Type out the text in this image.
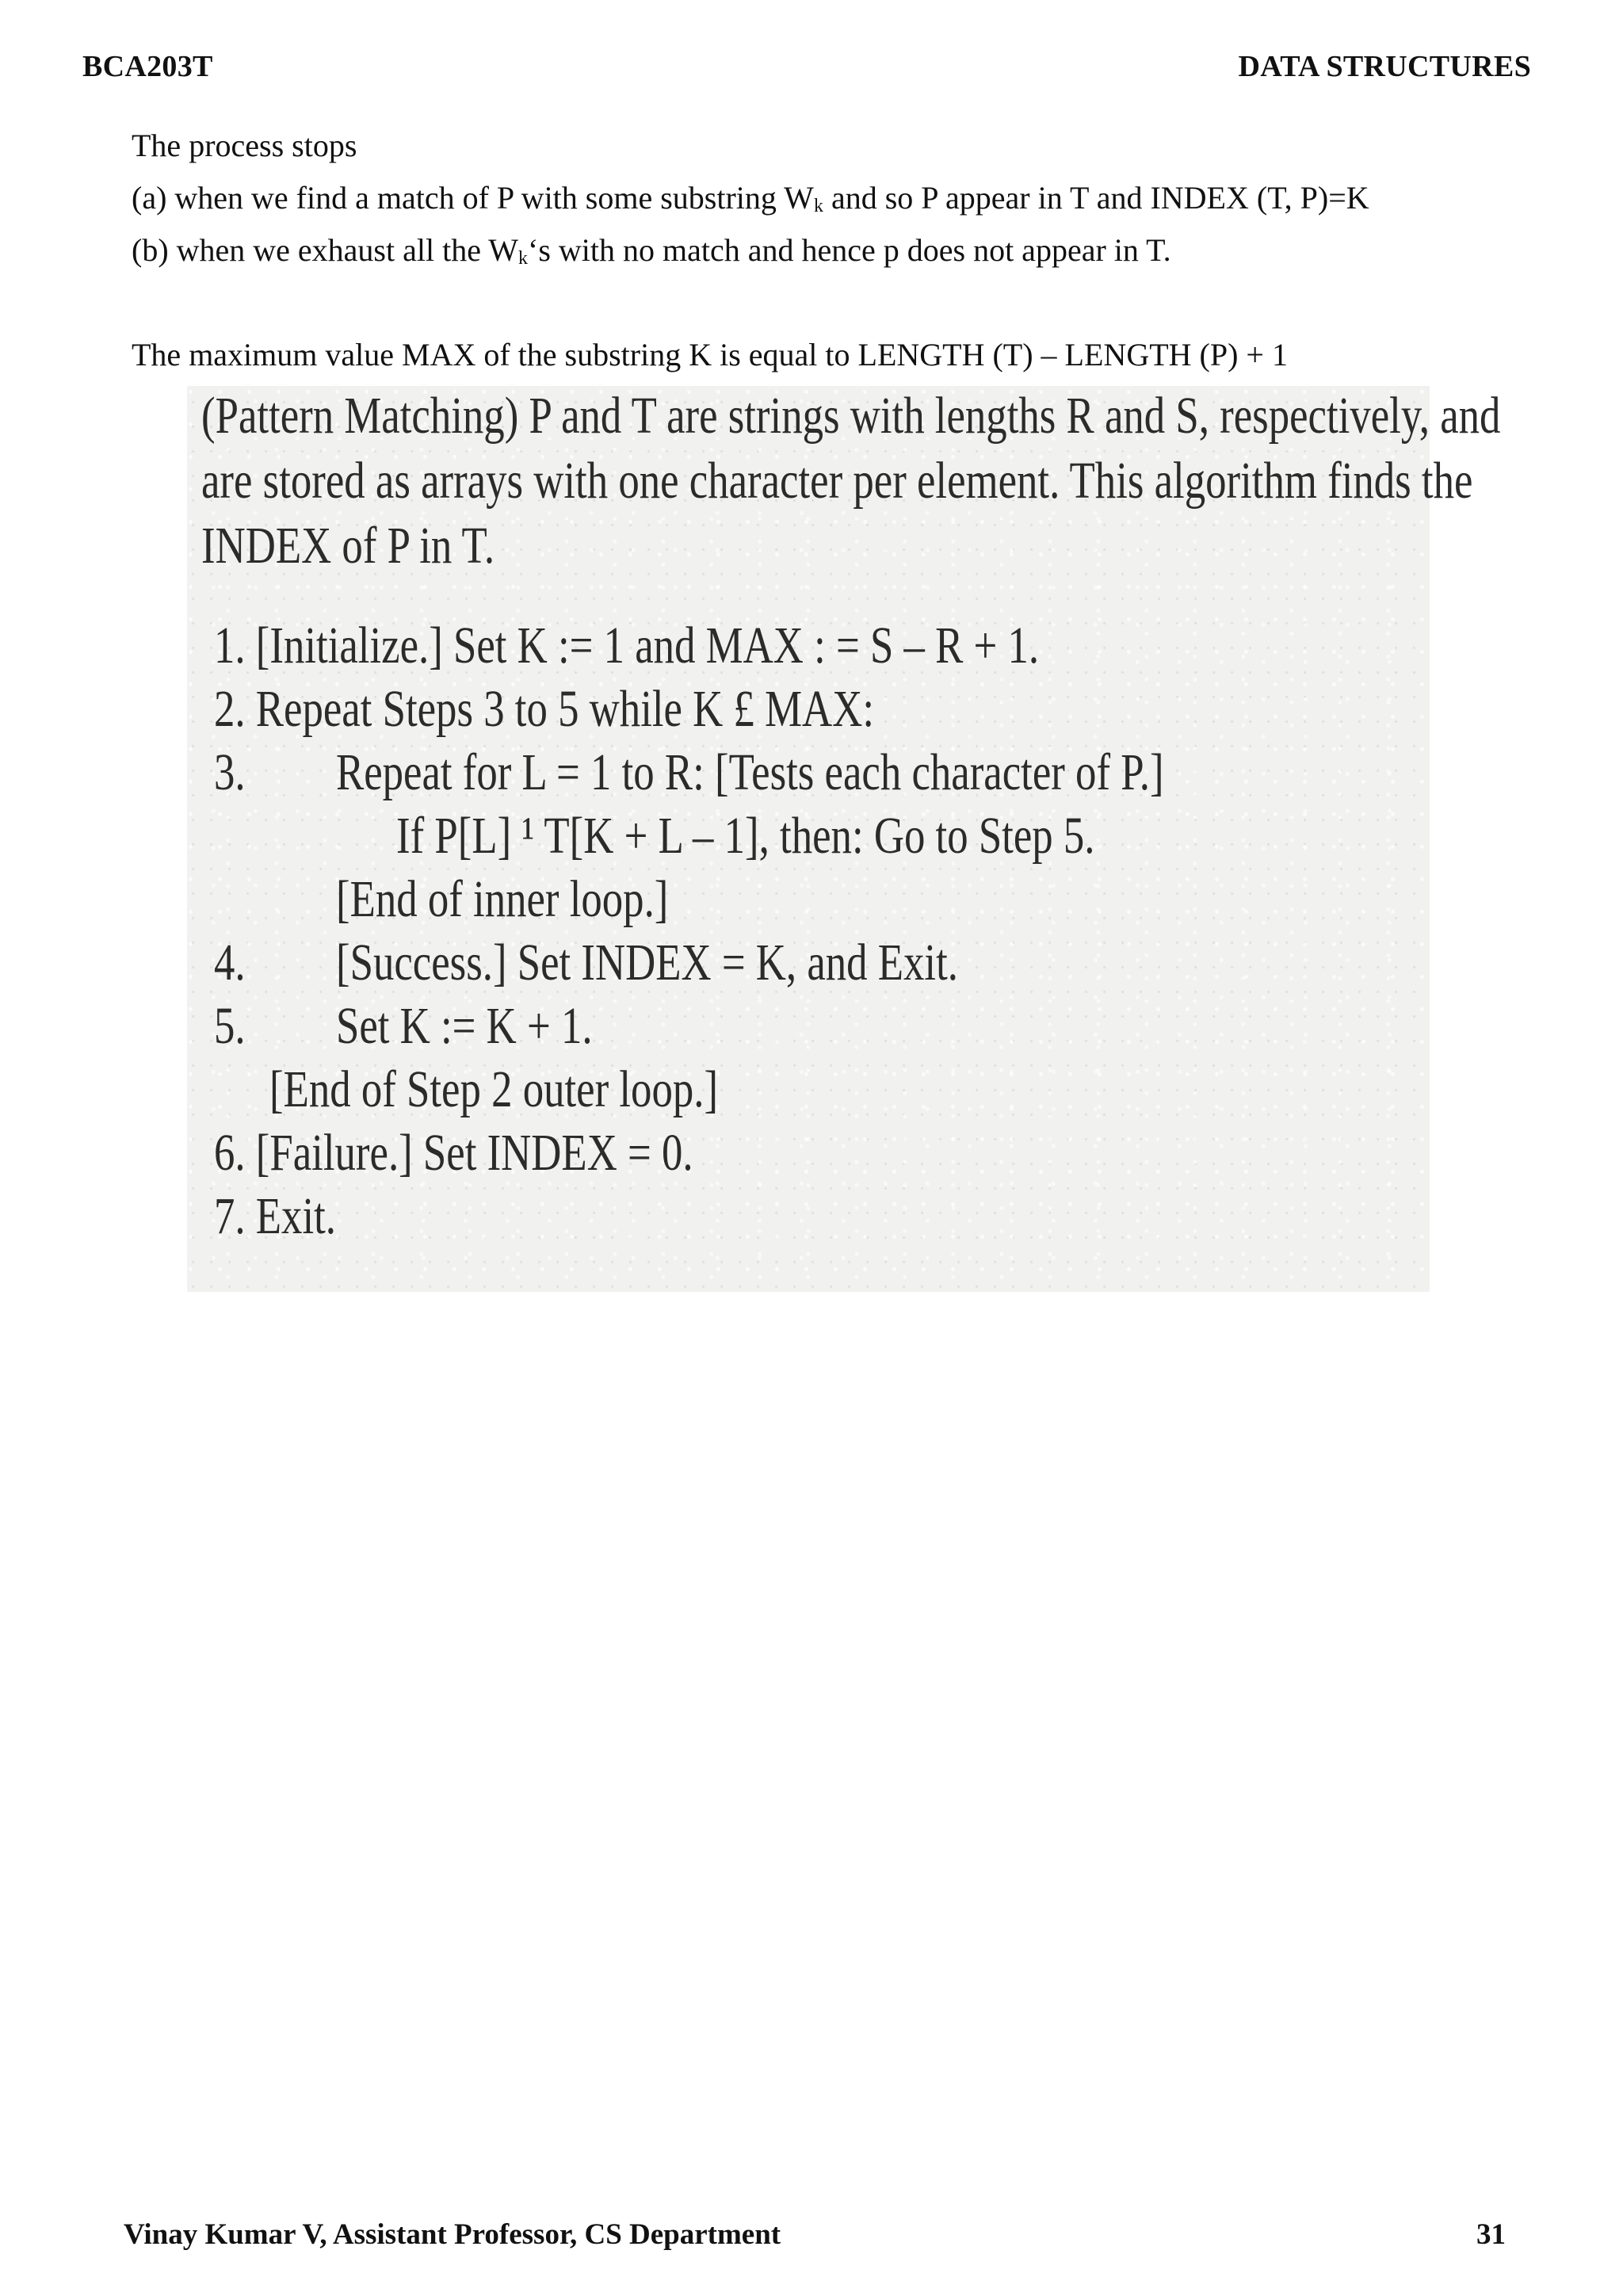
BCA203T	DATA STRUCTURES
The process stops
(a) when we find a match of P with some substring $W_k$ and so P appear in T and INDEX (T, P)=K
(b) when we exhaust all the $W_k‘s$ with no match and hence p does not appear in T.
The maximum value MAX of the substring K is equal to LENGTH (T) – LENGTH (P) + 1
(Pattern Matching) P and T are strings with lengths R and S, respectively, and
are stored as arrays with one character per element. This algorithm finds the
INDEX of P in T.
1. [Initialize.] Set K := 1 and MAX : = S – R + 1.
2. Repeat Steps 3 to 5 while K £ MAX:
3. Repeat for L = 1 to R: [Tests each character of P.]
If P[L] ¹ T[K + L – 1], then: Go to Step 5.
[End of inner loop.]
4. [Success.] Set INDEX = K, and Exit.
5. Set K := K + 1.
[End of Step 2 outer loop.]
6. [Failure.] Set INDEX = 0.
7. Exit.
Vinay Kumar V, Assistant Professor, CS Department	31
